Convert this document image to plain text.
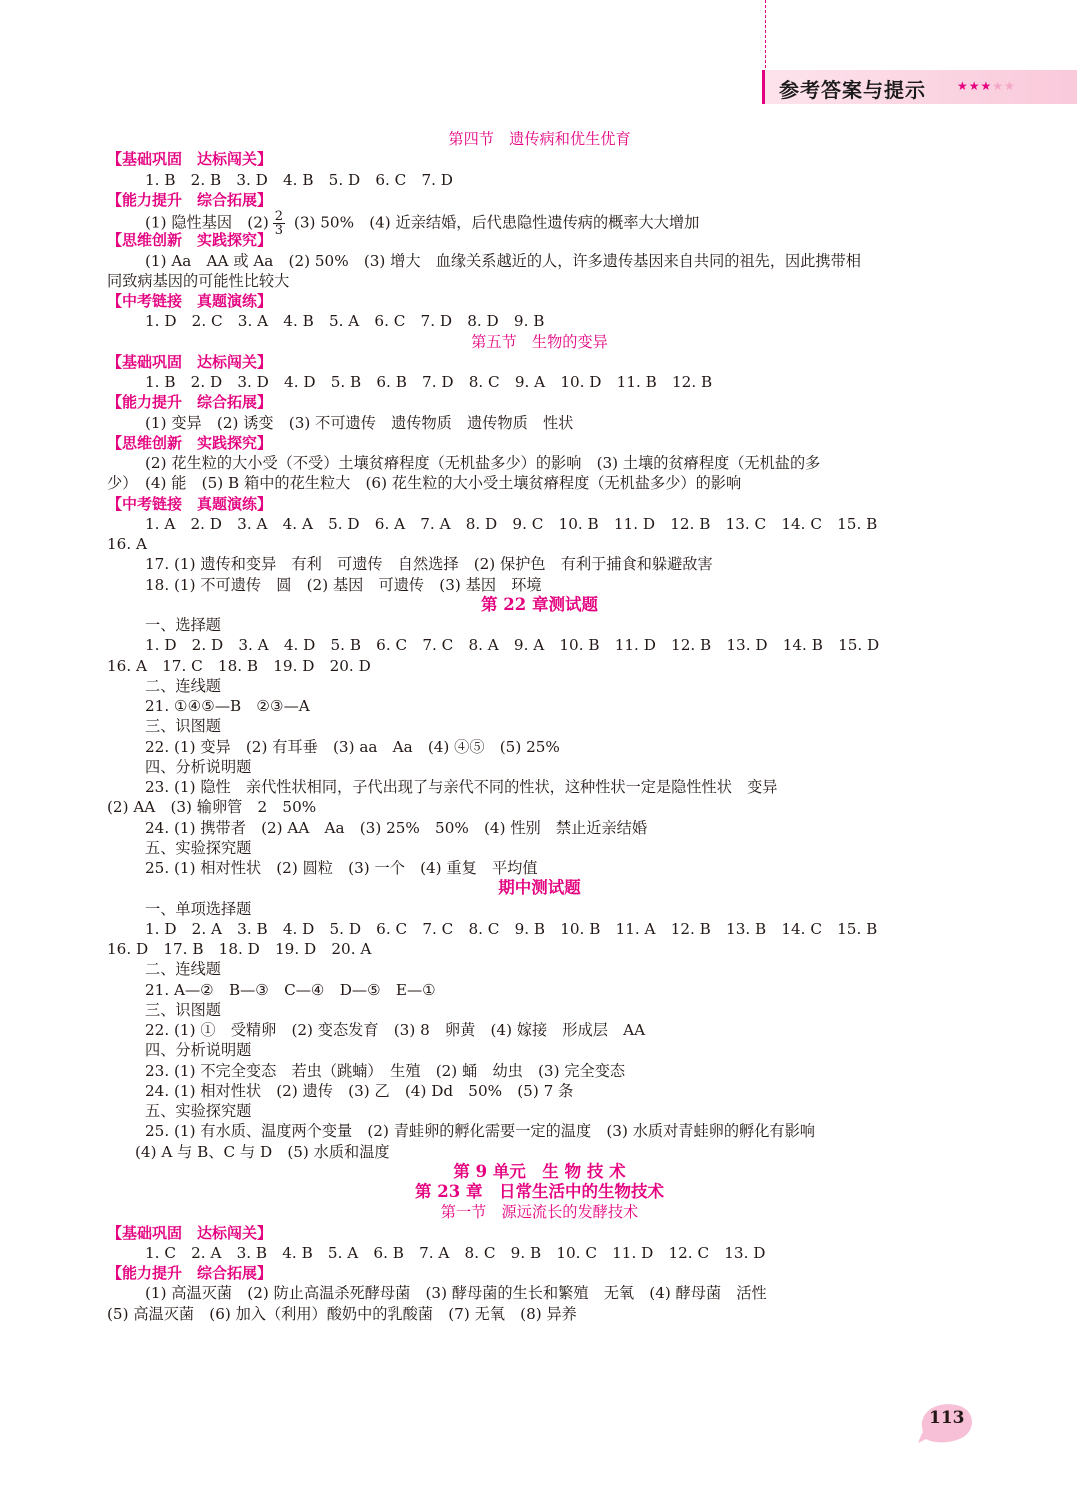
参考答案与提示	★★★★★
第四节　遗传病和优生优育
【基础巩固　达标闯关】
1. B　2. B　3. D　4. B　5. D　6. C　7. D
【能力提升　综合拓展】
(1) 隐性基因　$(2) \frac{2}{3} (3)$ 50%　(4) 近亲结婚，后代患隐性遗传病的概率大大增加
【思维创新　实践探究】
(1) Aa　AA 或 Aa　(2) 50%　(3) 增大　血缘关系越近的人，许多遗传基因来自共同的祖先，因此携带相
同致病基因的可能性比较大
【中考链接　真题演练】
1. D　2. C　3. A　4. B　5. A　6. C　7. D　8. D　9. B
第五节　生物的变异
【基础巩固　达标闯关】
1. B　2. D　3. D　4. D　5. B　6. B　7. D　8. C　9. A　10. D　11. B　12. B
【能力提升　综合拓展】
(1) 变异　(2) 诱变　(3) 不可遗传　遗传物质　遗传物质　性状
【思维创新　实践探究】
(2) 花生粒的大小受（不受）土壤贫瘠程度（无机盐多少）的影响　(3) 土壤的贫瘠程度（无机盐的多
少）　(4) 能　(5) B 箱中的花生粒大　(6) 花生粒的大小受土壤贫瘠程度（无机盐多少）的影响
【中考链接　真题演练】
1. A　2. D　3. A　4. A　5. D　6. A　7. A　8. D　9. C　10. B　11. D　12. B　13. C　14. C　15. B
16. A
17. (1) 遗传和变异　有利　可遗传　自然选择　(2) 保护色　有利于捕食和躲避敌害
18. (1) 不可遗传　圆　(2) 基因　可遗传　(3) 基因　环境
第 22 章测试题
一、选择题
1. D　2. D　3. A　4. D　5. B　6. C　7. C　8. A　9. A　10. B　11. D　12. B　13. D　14. B　15. D
16. A　17. C　18. B　19. D　20. D
二、连线题
21. ①④⑤—B　②③—A
三、识图题
22. (1) 变异　(2) 有耳垂　(3) aa　Aa　(4) ④⑤　(5) 25%
四、分析说明题
23. (1) 隐性　亲代性状相同，子代出现了与亲代不同的性状，这种性状一定是隐性性状　变异
(2) AA　(3) 输卵管　2　50%
24. (1) 携带者　(2) AA　Aa　(3) 25%　50%　(4) 性别　禁止近亲结婚
五、实验探究题
25. (1) 相对性状　(2) 圆粒　(3) 一个　(4) 重复　平均值
期中测试题
一、单项选择题
1. D　2. A　3. B　4. D　5. D　6. C　7. C　8. C　9. B　10. B　11. A　12. B　13. B　14. C　15. B
16. D　17. B　18. D　19. D　20. A
二、连线题
21. A—②　B—③　C—④　D—⑤　E—①
三、识图题
22. (1) ①　受精卵　(2) 变态发育　(3) 8　卵黄　(4) 嫁接　形成层　AA
四、分析说明题
23. (1) 不完全变态　若虫（跳蝻）　生殖　(2) 蛹　幼虫　(3) 完全变态
24. (1) 相对性状　(2) 遗传　(3) 乙　(4) Dd　50%　(5) 7 条
五、实验探究题
25. (1) 有水质、温度两个变量　(2) 青蛙卵的孵化需要一定的温度　(3) 水质对青蛙卵的孵化有影响
(4) A 与 B、C 与 D　(5) 水质和温度
第 9 单元　生 物 技 术
第 23 章　日常生活中的生物技术
第一节　源远流长的发酵技术
【基础巩固　达标闯关】
1. C　2. A　3. B　4. B　5. A　6. B　7. A　8. C　9. B　10. C　11. D　12. C　13. D
【能力提升　综合拓展】
(1) 高温灭菌　(2) 防止高温杀死酵母菌　(3) 酵母菌的生长和繁殖　无氧　(4) 酵母菌　活性
(5) 高温灭菌　(6) 加入（利用）酸奶中的乳酸菌　(7) 无氧　(8) 异养
113
